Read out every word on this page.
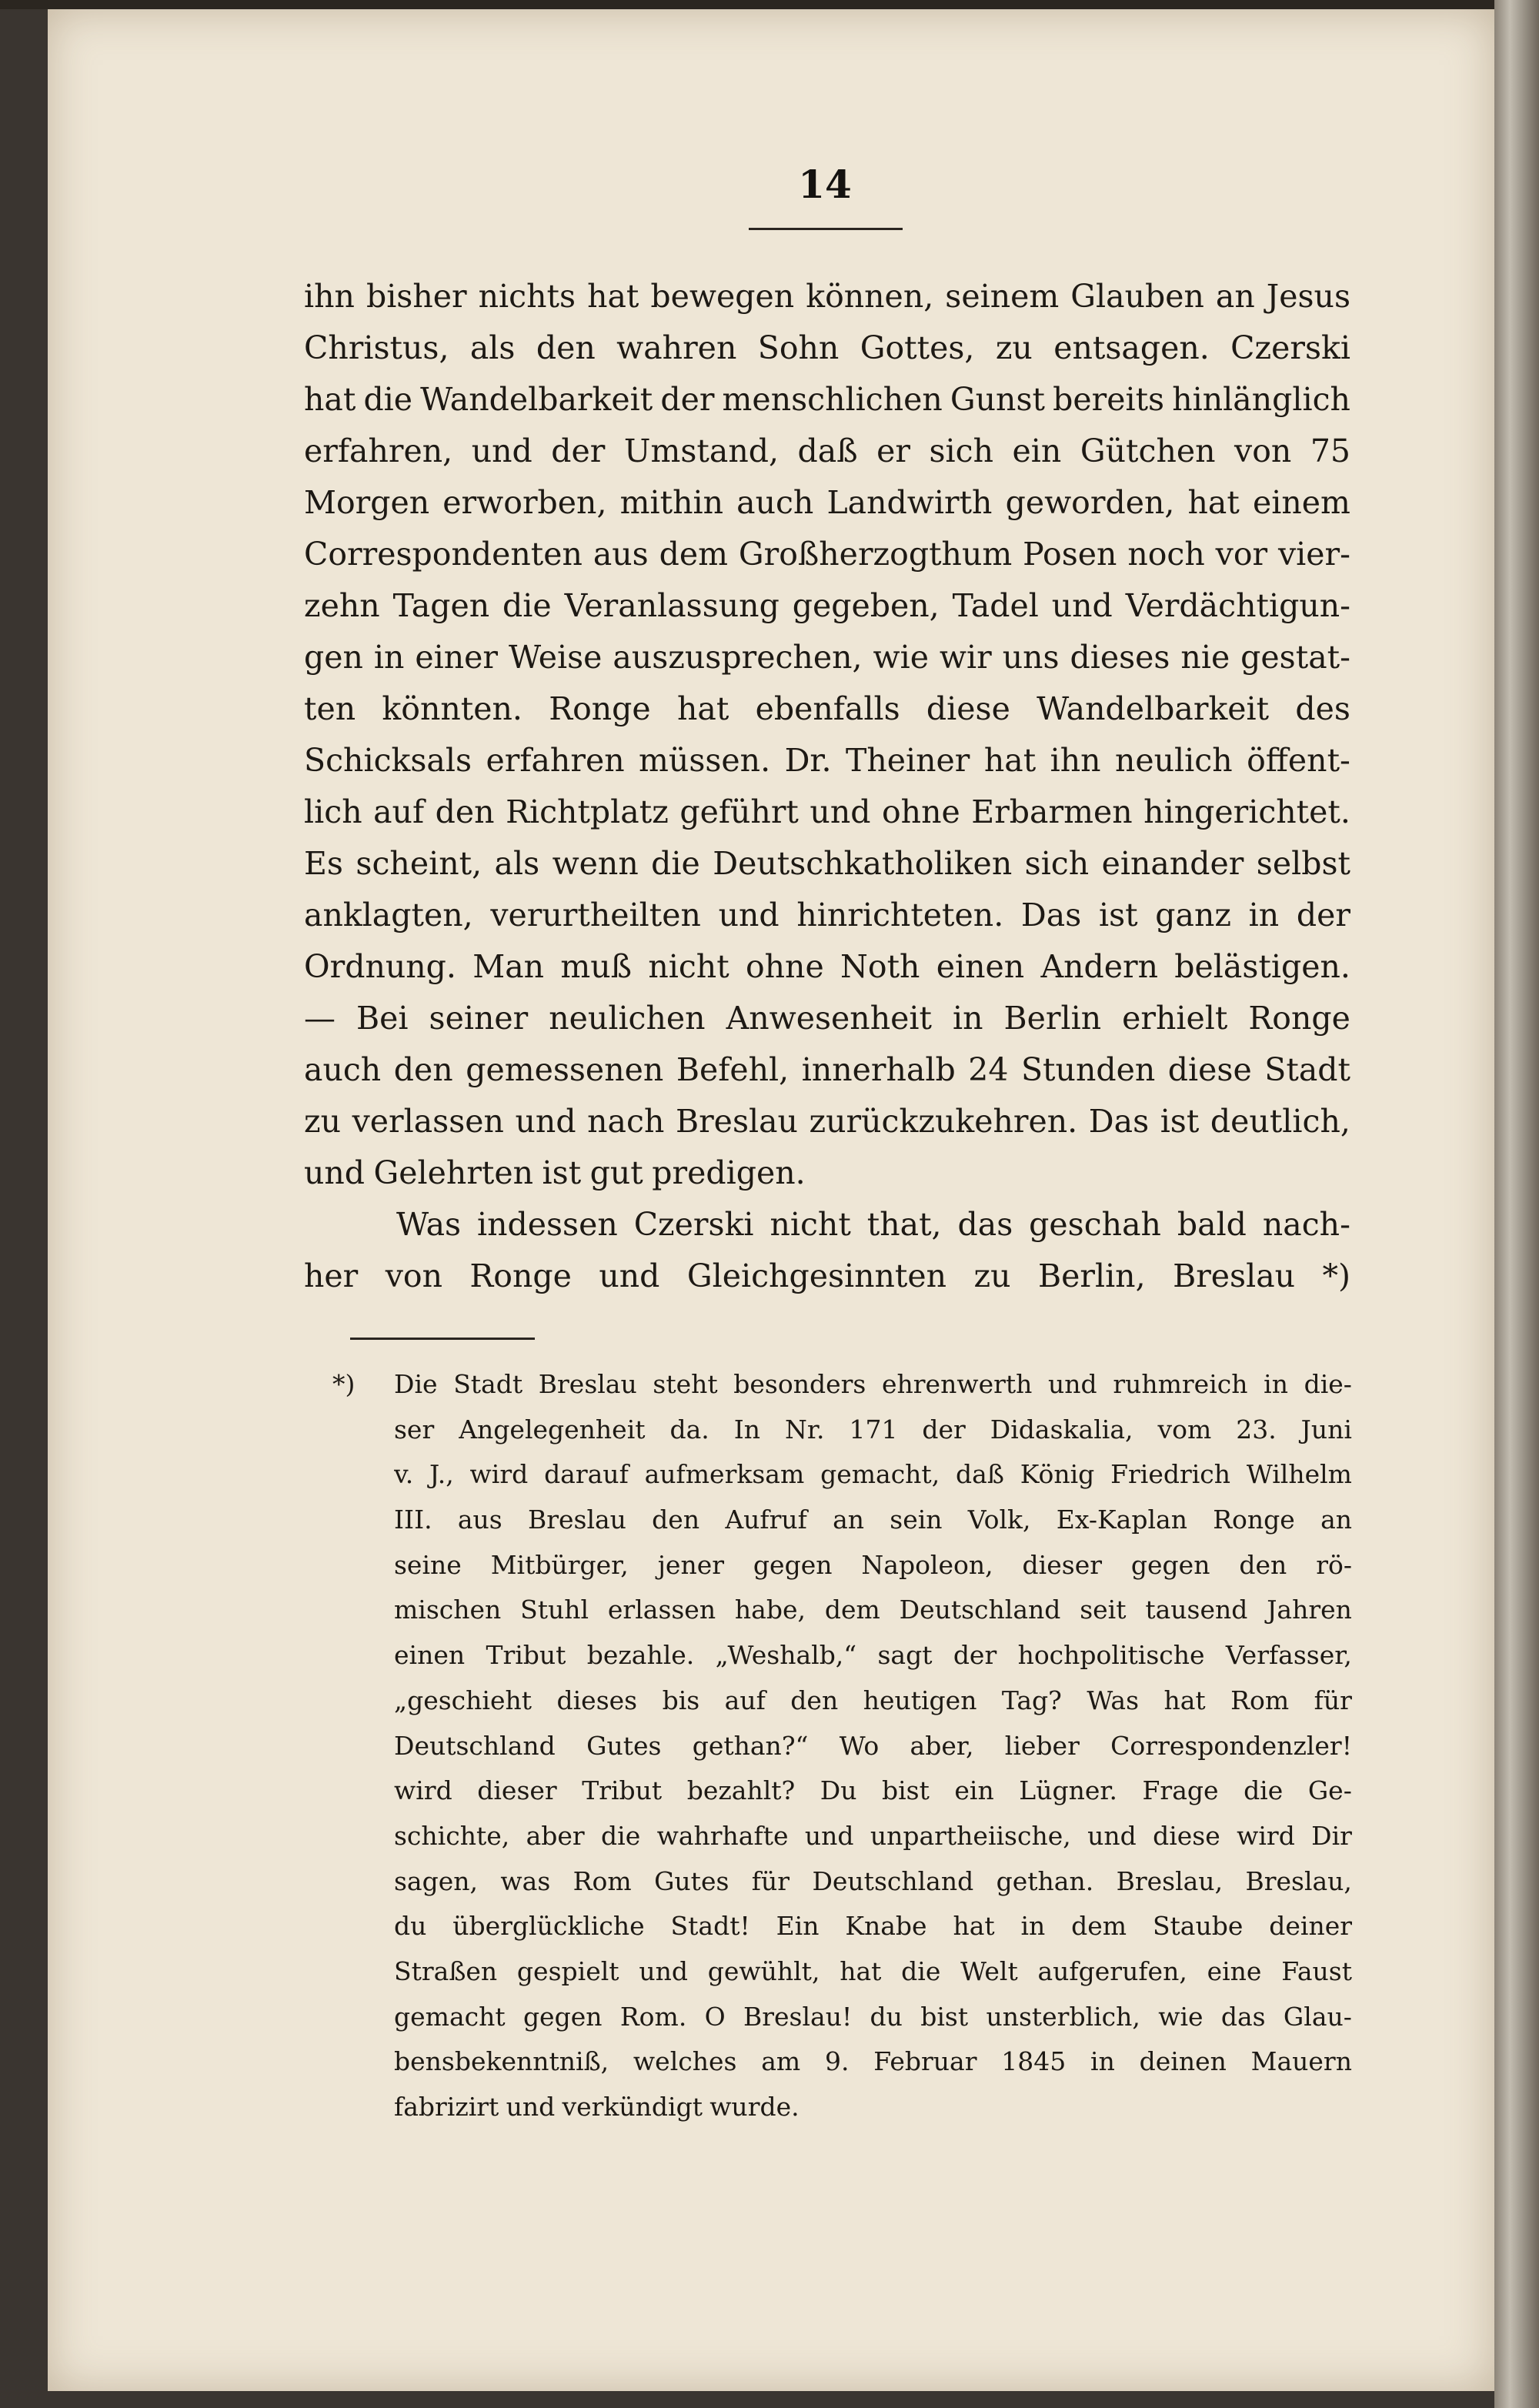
14
ihn bisher nichts hat bewegen können, seinem Glauben an Jesus
Christus, als den wahren Sohn Gottes, zu entsagen. Czerski
hat die Wandelbarkeit der menschlichen Gunst bereits hinlänglich
erfahren, und der Umstand, daß er sich ein Gütchen von 75
Morgen erworben, mithin auch Landwirth geworden, hat einem
Correspondenten aus dem Großherzogthum Posen noch vor vier-
zehn Tagen die Veranlassung gegeben, Tadel und Verdächtigun-
gen in einer Weise auszusprechen, wie wir uns dieses nie gestat-
ten könnten. Ronge hat ebenfalls diese Wandelbarkeit des
Schicksals erfahren müssen. Dr. Theiner hat ihn neulich öffent-
lich auf den Richtplatz geführt und ohne Erbarmen hingerichtet.
Es scheint, als wenn die Deutschkatholiken sich einander selbst
anklagten, verurtheilten und hinrichteten. Das ist ganz in der
Ordnung. Man muß nicht ohne Noth einen Andern belästigen.
— Bei seiner neulichen Anwesenheit in Berlin erhielt Ronge
auch den gemessenen Befehl, innerhalb 24 Stunden diese Stadt
zu verlassen und nach Breslau zurückzukehren. Das ist deutlich,
und Gelehrten ist gut predigen.
Was indessen Czerski nicht that, das geschah bald nach-
her von Ronge und Gleichgesinnten zu Berlin, Breslau *)
*) Die Stadt Breslau steht besonders ehrenwerth und ruhmreich in die-
ser Angelegenheit da. In Nr. 171 der Didaskalia, vom 23. Juni
v. J., wird darauf aufmerksam gemacht, daß König Friedrich Wilhelm
III. aus Breslau den Aufruf an sein Volk, Ex-Kaplan Ronge an
seine Mitbürger, jener gegen Napoleon, dieser gegen den rö-
mischen Stuhl erlassen habe, dem Deutschland seit tausend Jahren
einen Tribut bezahle. „Weshalb,“ sagt der hochpolitische Verfasser,
„geschieht dieses bis auf den heutigen Tag? Was hat Rom für
Deutschland Gutes gethan?“ Wo aber, lieber Correspondenzler!
wird dieser Tribut bezahlt? Du bist ein Lügner. Frage die Ge-
schichte, aber die wahrhafte und unpartheiische, und diese wird Dir
sagen, was Rom Gutes für Deutschland gethan. Breslau, Breslau,
du überglückliche Stadt! Ein Knabe hat in dem Staube deiner
Straßen gespielt und gewühlt, hat die Welt aufgerufen, eine Faust
gemacht gegen Rom. O Breslau! du bist unsterblich, wie das Glau-
bensbekenntniß, welches am 9. Februar 1845 in deinen Mauern
fabrizirt und verkündigt wurde.
